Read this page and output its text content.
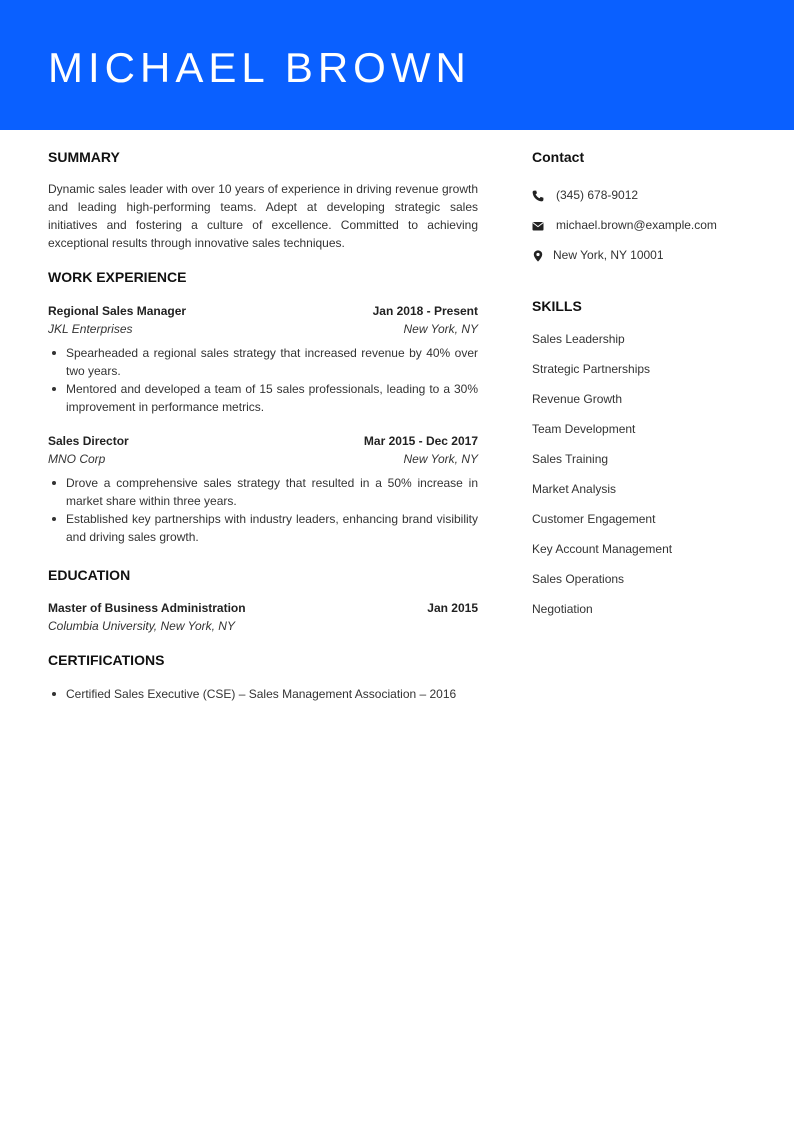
MICHAEL BROWN
SUMMARY
Dynamic sales leader with over 10 years of experience in driving revenue growth and leading high-performing teams. Adept at developing strategic sales initiatives and fostering a culture of excellence. Committed to achieving exceptional results through innovative sales techniques.
WORK EXPERIENCE
Regional Sales Manager	Jan 2018 - Present
JKL Enterprises	New York, NY
Spearheaded a regional sales strategy that increased revenue by 40% over two years.
Mentored and developed a team of 15 sales professionals, leading to a 30% improvement in performance metrics.
Sales Director	Mar 2015 - Dec 2017
MNO Corp	New York, NY
Drove a comprehensive sales strategy that resulted in a 50% increase in market share within three years.
Established key partnerships with industry leaders, enhancing brand visibility and driving sales growth.
EDUCATION
Master of Business Administration	Jan 2015
Columbia University, New York, NY
CERTIFICATIONS
Certified Sales Executive (CSE) – Sales Management Association – 2016
Contact
(345) 678-9012
michael.brown@example.com
New York, NY 10001
SKILLS
Sales Leadership
Strategic Partnerships
Revenue Growth
Team Development
Sales Training
Market Analysis
Customer Engagement
Key Account Management
Sales Operations
Negotiation
